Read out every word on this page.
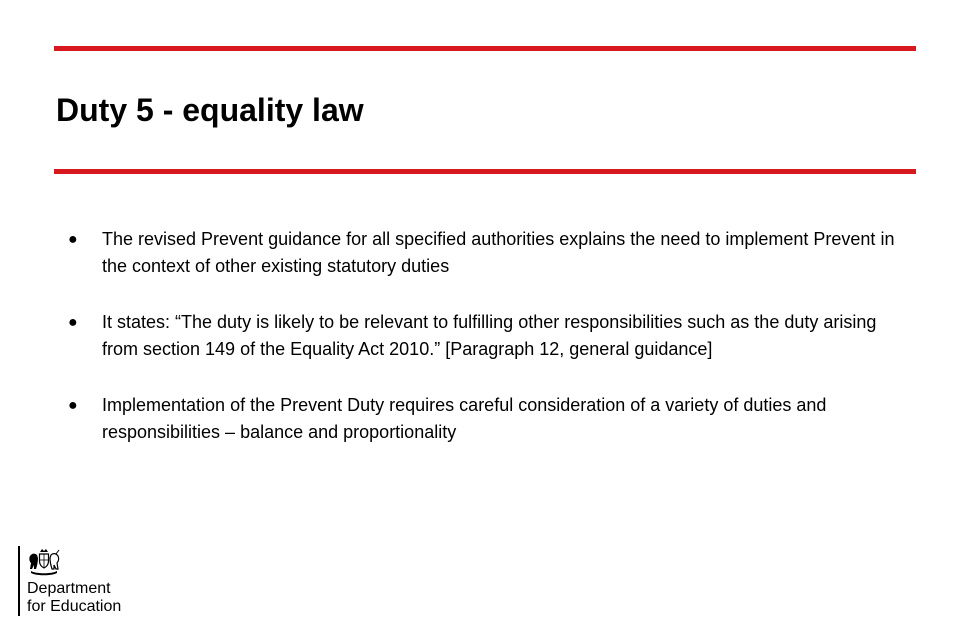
Duty 5 - equality law
● The revised Prevent guidance for all specified authorities explains the need to implement Prevent in the context of other existing statutory duties
● It states: “The duty is likely to be relevant to fulfilling other responsibilities such as the duty arising from section 149 of the Equality Act 2010.” [Paragraph 12, general guidance]
● Implementation of the Prevent Duty requires careful consideration of a variety of duties and responsibilities – balance and proportionality
Department
for Education
